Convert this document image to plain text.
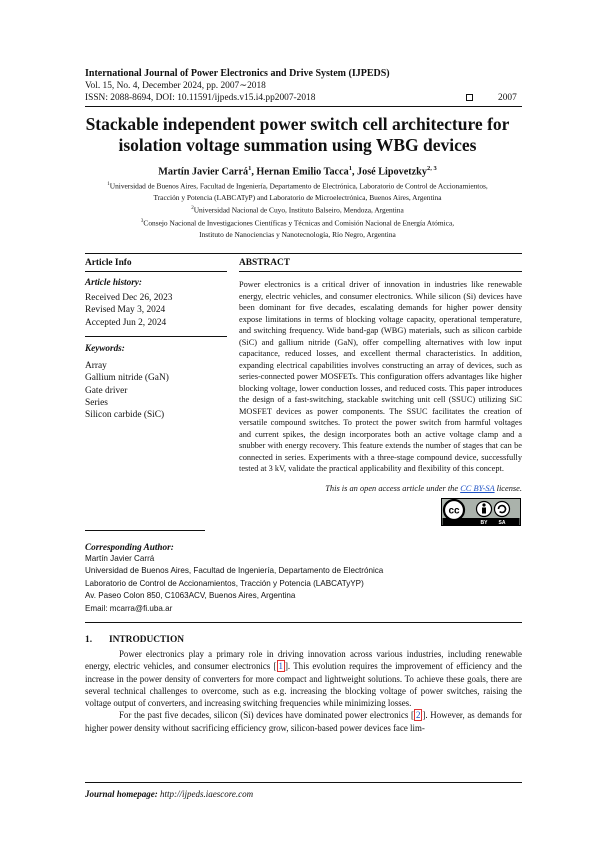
International Journal of Power Electronics and Drive System (IJPEDS)
Vol. 15, No. 4, December 2024, pp. 2007∼2018
ISSN: 2088-8694, DOI: 10.11591/ijpeds.v15.i4.pp2007-2018	2007
Stackable independent power switch cell architecture for isolation voltage summation using WBG devices
Martín Javier Carrá$^1$, Hernan Emilio Tacca$^1$, José Lipovetzky$^{2, 3}$
$^1$Universidad de Buenos Aires, Facultad de Ingeniería, Departamento de Electrónica, Laboratorio de Control de Accionamientos,
Tracción y Potencia (LABCATyP) and Laboratorio de Microelectrónica, Buenos Aires, Argentina
$^2$Universidad Nacional de Cuyo, Instituto Balseiro, Mendoza, Argentina
$^3$Consejo Nacional de Investigaciones Científicas y Técnicas and Comisión Nacional de Energía Atómica,
Instituto de Nanociencias y Nanotecnología, Río Negro, Argentina
Article Info	ABSTRACT
Article history:
Received Dec 26, 2023
Revised May 3, 2024
Accepted Jun 2, 2024
Keywords:
Array
Gallium nitride (GaN)
Gate driver
Series
Silicon carbide (SiC)
Power electronics is a critical driver of innovation in industries like renewable energy, electric vehicles, and consumer electronics. While silicon (Si) devices have been dominant for five decades, escalating demands for higher power density expose limitations in terms of blocking voltage capacity, operational temperature, and switching frequency. Wide band-gap (WBG) materials, such as silicon carbide (SiC) and gallium nitride (GaN), offer compelling alternatives with low input capacitance, reduced losses, and excellent thermal characteristics. In addition, expanding electrical capabilities involves constructing an array of devices, such as series-connected power MOSFETs. This configuration offers advantages like higher blocking voltage, lower conduction losses, and reduced costs. This paper introduces the design of a fast-switching, stackable switching unit cell (SSUC) utilizing SiC MOSFET devices as power components. The SSUC facilitates the creation of versatile compound switches. To protect the power switch from harmful voltages and current spikes, the design incorporates both an active voltage clamp and a snubber with energy recovery. This feature extends the number of stages that can be connected in series. Experiments with a three-stage compound device, successfully tested at 3 kV, validate the practical applicability and flexibility of this concept.
This is an open access article under the CC BY-SA license.
cc
BY SA
Corresponding Author:
Martín Javier Carrá
Universidad de Buenos Aires, Facultad de Ingeniería, Departamento de Electrónica
Laboratorio de Control de Accionamientos, Tracción y Potencia (LABCATyYP)
Av. Paseo Colon 850, C1063ACV, Buenos Aires, Argentina
Email: mcarra@fi.uba.ar
1. INTRODUCTION

Power electronics play a primary role in driving innovation across various industries, including renewable energy, electric vehicles, and consumer electronics [ 1 ]. This evolution requires the improvement of efficiency and the increase in the power density of converters for more compact and lightweight solutions. To achieve these goals, there are several technical challenges to overcome, such as e.g. increasing the blocking voltage of power switches, raising the voltage output of converters, and increasing switching frequencies while minimizing losses.

For the past five decades, silicon (Si) devices have dominated power electronics [ 2 ]. However, as demands for higher power density without sacrificing efficiency grow, silicon-based power devices face lim-

Journal homepage: http://ijpeds.iaescore.com
